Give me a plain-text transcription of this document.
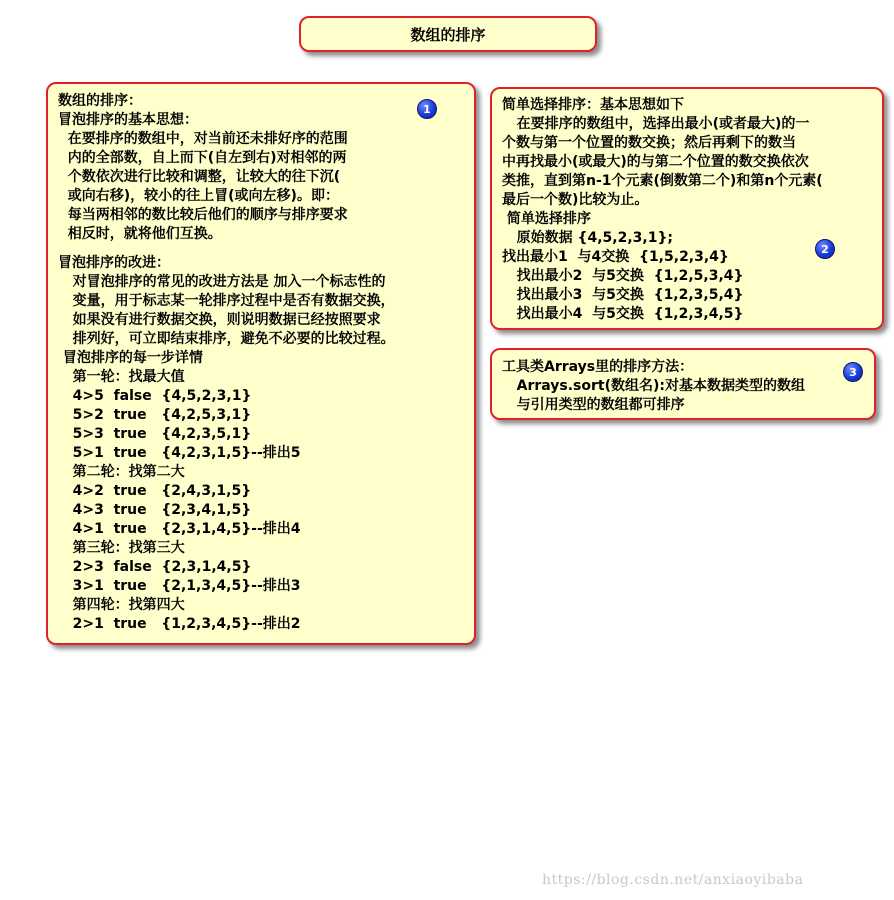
数组的排序
数组的排序：
冒泡排序的基本思想：
在要排序的数组中，对当前还未排好序的范围
内的全部数，自上而下(自左到右)对相邻的两
个数依次进行比较和调整，让较大的往下沉(
或向右移)，较小的往上冒(或向左移)。即：
每当两相邻的数比较后他们的顺序与排序要求
相反时，就将他们互换。
冒泡排序的改进：
对冒泡排序的常见的改进方法是 加入一个标志性的
变量，用于标志某一轮排序过程中是否有数据交换，
如果没有进行数据交换，则说明数据已经按照要求
排列好，可立即结束排序，避免不必要的比较过程。
冒泡排序的每一步详情
第一轮：找最大值
4>5  false  {4,5,2,3,1}
5>2  true   {4,2,5,3,1}
5>3  true   {4,2,3,5,1}
5>1  true   {4,2,3,1,5}--排出5
第二轮：找第二大
4>2  true   {2,4,3,1,5}
4>3  true   {2,3,4,1,5}
4>1  true   {2,3,1,4,5}--排出4
第三轮：找第三大
2>3  false  {2,3,1,4,5}
3>1  true   {2,1,3,4,5}--排出3
第四轮：找第四大
2>1  true   {1,2,3,4,5}--排出2
1	简单选择排序：基本思想如下
在要排序的数组中，选择出最小(或者最大)的一
个数与第一个位置的数交换；然后再剩下的数当
中再找最小(或最大)的与第二个位置的数交换依次
类推，直到第n-1个元素(倒数第二个)和第n个元素(
最后一个数)比较为止。
简单选择排序
原始数据 {4,5,2,3,1};
找出最小1  与4交换  {1,5,2,3,4}
找出最小2  与5交换  {1,2,5,3,4}
找出最小3  与5交换  {1,2,3,5,4}
找出最小4  与5交换  {1,2,3,4,5}
2
工具类Arrays里的排序方法：
Arrays.sort(数组名):对基本数据类型的数组
与引用类型的数组都可排序
3
https://blog.csdn.net/anxiaoyibaba
